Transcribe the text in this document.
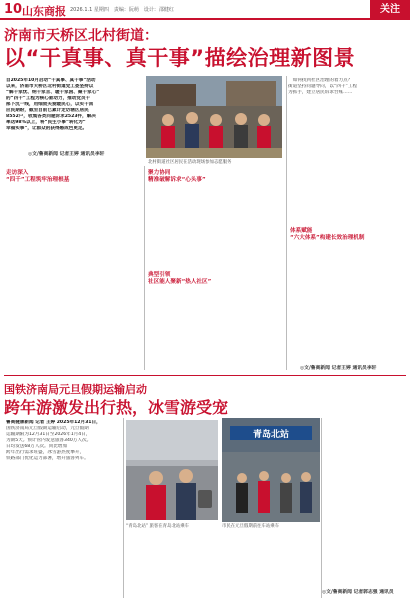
10 山东商报 2026.1.1 星期四　责编：阮萌　设计：邵健红	关注
济南市天桥区北村街道：
以“干真事、真干事”描绘治理新图景
自2025年10月启动“干真事、真干事”活动
以来，济南市天桥区北村街道党工委坚持以
“解千家忧、纳千家言、暖千家困、聚千家心”
的“四千”工程为核心驱动力，推动党员干
部下沉一线，用细致关爱暖民心，以实干回
应民期盼，截至目前已累计走访辖区居民
8552户，收集各类问题诉求2523件，解决
率达98%以上，将“民生小事”转化为“
幸福实事”，让群众的获得感成色更足。
◎文/鲁商新闻 记者王婷 通讯员李轩
北村街道社区居民在活动现场参加志愿服务
　如何找到社区治理的着力点？
街道坚持问题导向，以“四千”工程
为抓手，建立居民诉求台账……
体系赋能
“六大体系”构建长效治理机制
◎文/鲁商新闻 记者王婷 通讯员李轩
走访深入
“四千”工程筑牢治理根基
聚力协同
精准破解诉求“心头事”
典型引领
社区能人聚新“热人社区”
国铁济南局元旦假期运输启动
跨年游激发出行热，冰雪游受宠
鲁商健康新闻 记者 王婷 2025年12月31日，
国铁济南局元旦假期运输启动，元旦假期
运输期限为12月31日至2026年1月4日，
为期5天。预计管内发送旅客340万人次。
日均发送68万人次。同比增加
跨年出行需求旺盛，冰雪游热度攀升，
铁路部门优化运力部署，增开旅客列车。
“青岛北站” 旅客在青岛北站乘车
青岛北站
市民在元旦假期前往车站乘车
◎文/鲁商新闻 记者郭志强 通讯员
